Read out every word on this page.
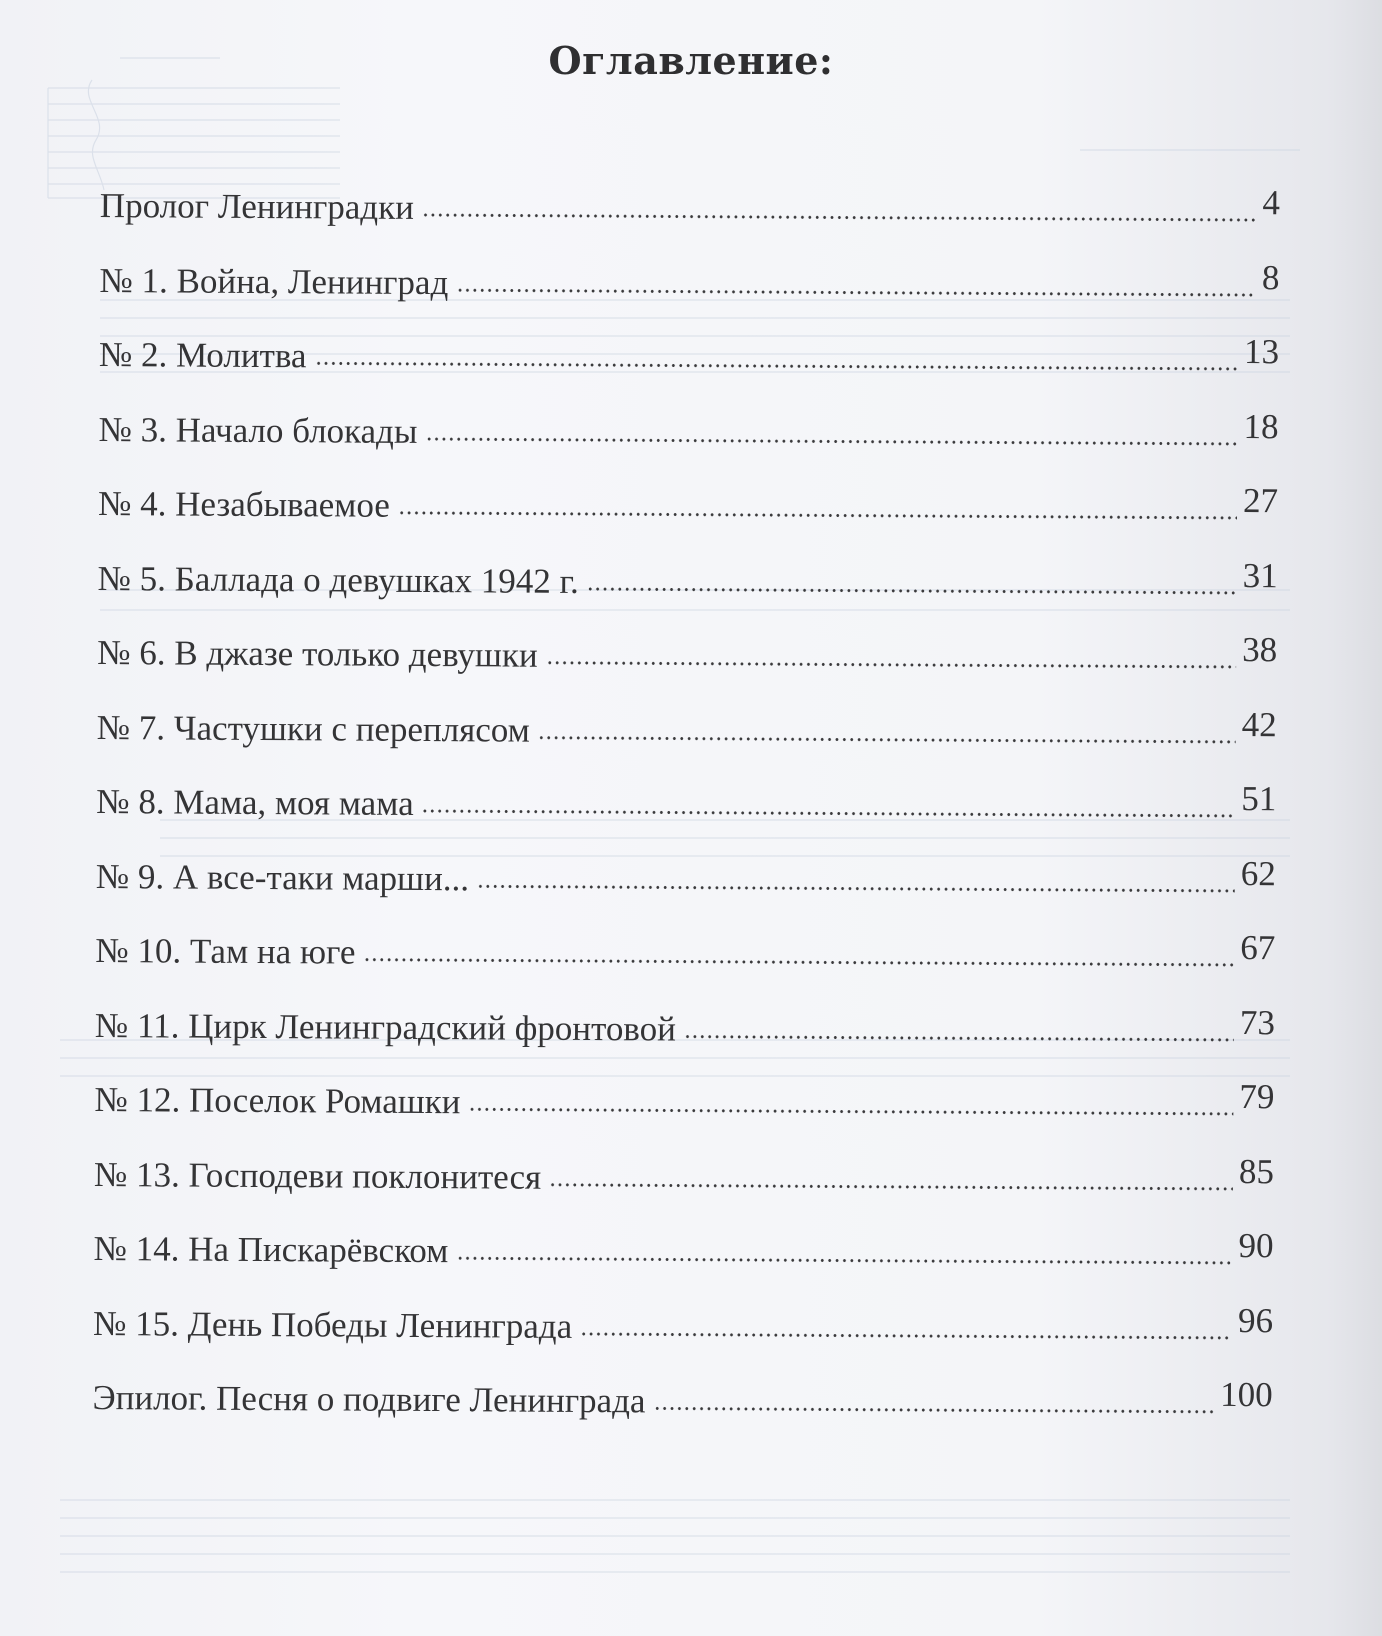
Оглавление:
Пролог Ленинградки	4
№ 1. Война, Ленинград	8
№ 2. Молитва	13
№ 3. Начало блокады	18
№ 4. Незабываемое	27
№ 5. Баллада о девушках 1942 г.	31
№ 6. В джазе только девушки	38
№ 7. Частушки с переплясом	42
№ 8. Мама, моя мама	51
№ 9. А все-таки марши...	62
№ 10. Там на юге	67
№ 11. Цирк Ленинградский фронтовой	73
№ 12. Поселок Ромашки	79
№ 13. Господеви поклонитеся	85
№ 14. На Пискарёвском	90
№ 15. День Победы Ленинграда	96
Эпилог. Песня о подвиге Ленинграда	100
